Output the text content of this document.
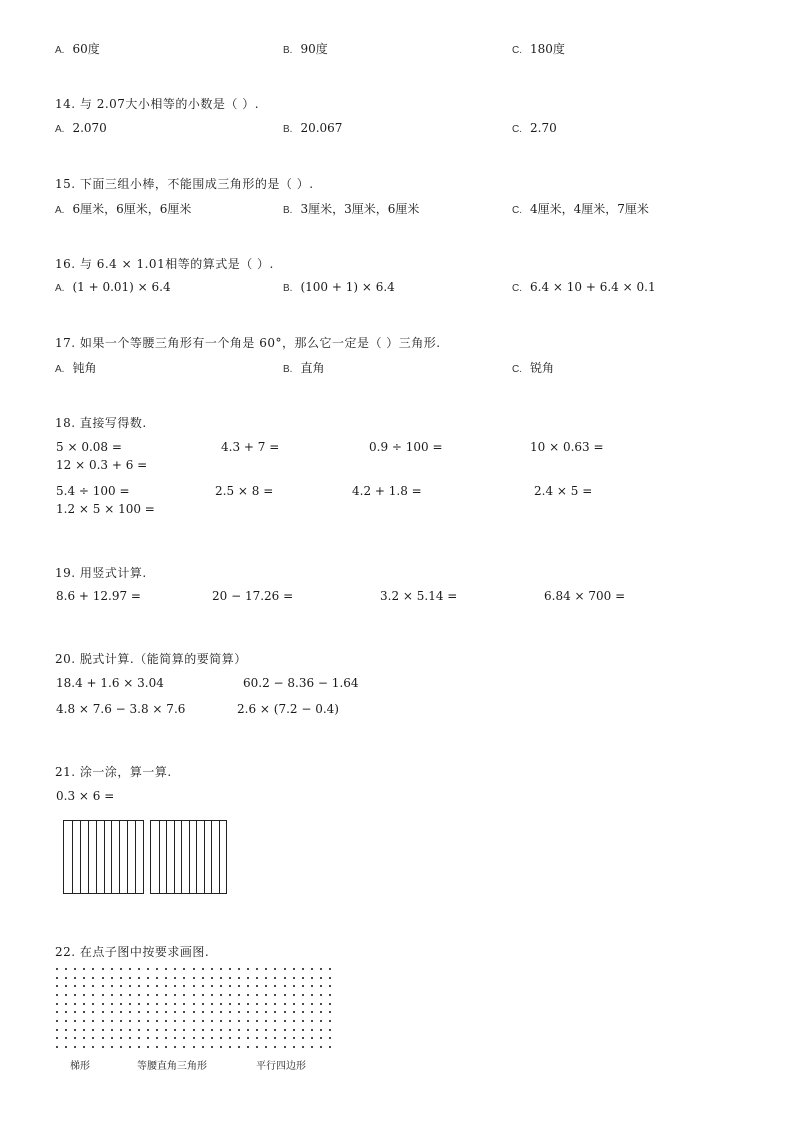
A. 60度	B. 90度	C. 180度
14. 与 2.07大小相等的小数是（ ）.
A. 2.070	B. 20.067	C. 2.70
15. 下面三组小棒，不能围成三角形的是（ ）.
A. 6厘米，6厘米，6厘米	B. 3厘米，3厘米，6厘米	C. 4厘米，4厘米，7厘米
16. 与 6.4 × 1.01相等的算式是（ ）.
A. (1 + 0.01) × 6.4	B. (100 + 1) × 6.4	C. 6.4 × 10 + 6.4 × 0.1
17. 如果一个等腰三角形有一个角是 60°，那么它一定是（ ）三角形.
A. 钝角	B. 直角	C. 锐角
18. 直接写得数.
5 × 0.08 =	4.3 + 7 =	0.9 ÷ 100 =	10 × 0.63 =
12 × 0.3 + 6 =
5.4 ÷ 100 =	2.5 × 8 =	4.2 + 1.8 =	2.4 × 5 =
1.2 × 5 × 100 =
19. 用竖式计算.
8.6 + 12.97 =	20 − 17.26 =	3.2 × 5.14 =	6.84 × 700 =
20. 脱式计算.（能简算的要简算）
18.4 + 1.6 × 3.04	60.2 − 8.36 − 1.64
4.8 × 7.6 − 3.8 × 7.6	2.6 × (7.2 − 0.4)
21. 涂一涂，算一算.
0.3 × 6 =
22. 在点子图中按要求画图.
梯形	等腰直角三角形	平行四边形
